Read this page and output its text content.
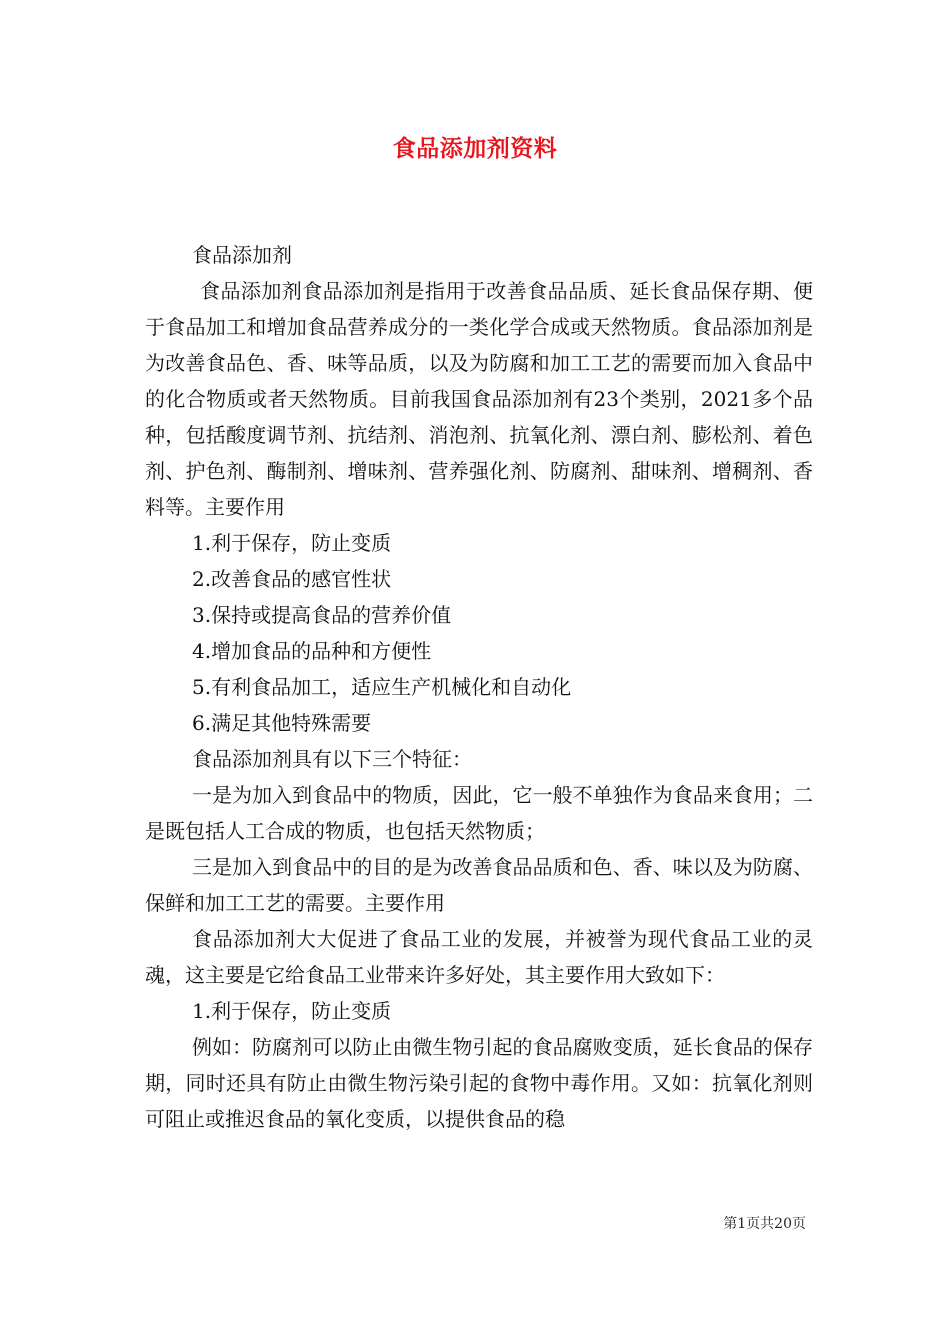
食品添加剂资料

食品添加剂

食品添加剂食品添加剂是指用于改善食品品质、延长食品保存期、便于食品加工和增加食品营养成分的一类化学合成或天然物质。食品添加剂是为改善食品色、香、味等品质，以及为防腐和加工工艺的需要而加入食品中的化合物质或者天然物质。目前我国食品添加剂有23个类别，2021多个品种，包括酸度调节剂、抗结剂、消泡剂、抗氧化剂、漂白剂、膨松剂、着色剂、护色剂、酶制剂、增味剂、营养强化剂、防腐剂、甜味剂、增稠剂、香料等。主要作用

1.利于保存，防止变质

2.改善食品的感官性状

3.保持或提高食品的营养价值

4.增加食品的品种和方便性

5.有利食品加工，适应生产机械化和自动化

6.满足其他特殊需要

食品添加剂具有以下三个特征：

一是为加入到食品中的物质，因此，它一般不单独作为食品来食用；二是既包括人工合成的物质，也包括天然物质；

三是加入到食品中的目的是为改善食品品质和色、香、味以及为防腐、保鲜和加工工艺的需要。主要作用

食品添加剂大大促进了食品工业的发展，并被誉为现代食品工业的灵魂，这主要是它给食品工业带来许多好处，其主要作用大致如下：

1.利于保存，防止变质

例如：防腐剂可以防止由微生物引起的食品腐败变质，延长食品的保存期，同时还具有防止由微生物污染引起的食物中毒作用。又如：抗氧化剂则可阻止或推迟食品的氧化变质，以提供食品的稳

第1页共20页
